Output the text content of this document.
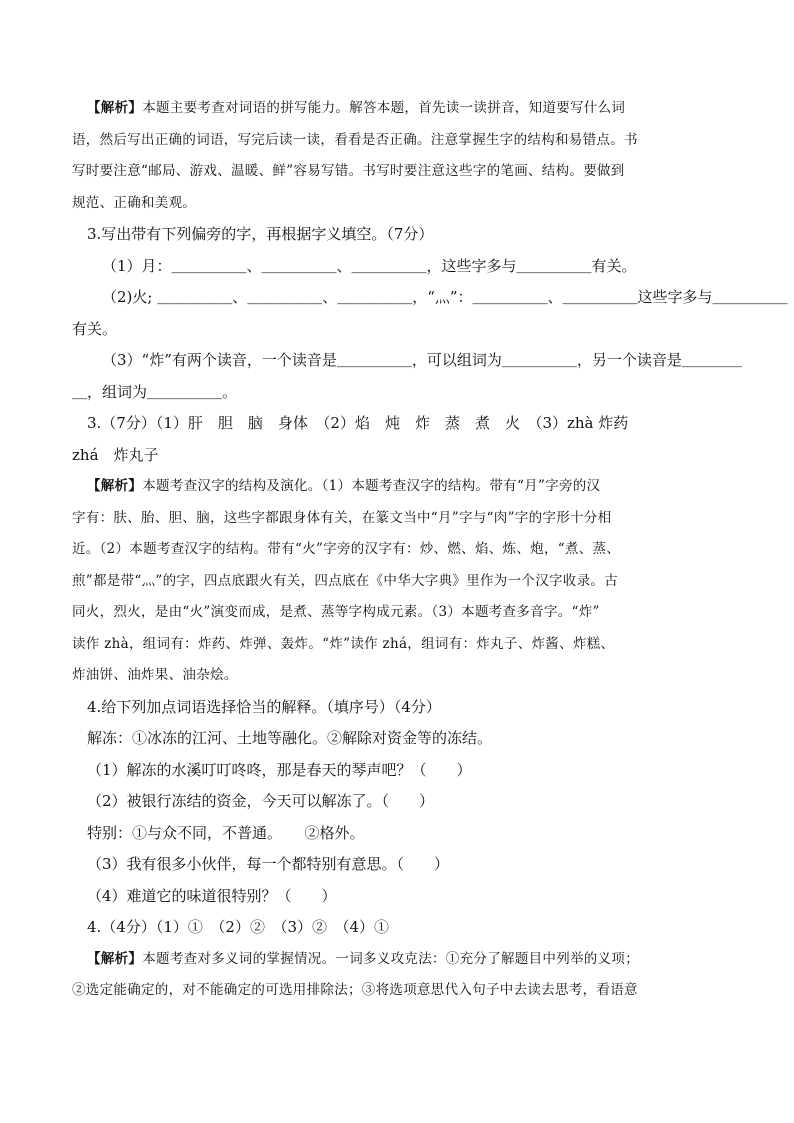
【解析】本题主要考查对词语的拼写能力。解答本题，首先读一读拼音，知道要写什么词
语，然后写出正确的词语，写完后读一读，看看是否正确。注意掌握生字的结构和易错点。书
写时要注意“邮局、游戏、温暖、鲜”容易写错。书写时要注意这些字的笔画、结构。要做到
规范、正确和美观。
3.写出带有下列偏旁的字，再根据字义填空。（7分）
（1）月：＿＿＿＿＿、＿＿＿＿＿、＿＿＿＿＿，这些字多与＿＿＿＿＿有关。
（2)火; ＿＿＿＿＿、＿＿＿＿＿、＿＿＿＿＿，“灬”：＿＿＿＿＿、＿＿＿＿＿这些字多与＿＿＿＿＿
有关。
（3）“炸”有两个读音，一个读音是＿＿＿＿＿，可以组词为＿＿＿＿＿，另一个读音是＿＿＿＿
＿，组词为＿＿＿＿＿。
3.（7分）（1）肝　胆　脑　身体　（2）焰　炖　炸　蒸　煮　火　（3）zhà 炸药
zhá　炸丸子
【解析】本题考查汉字的结构及演化。（1）本题考查汉字的结构。带有“月”字旁的汉
字有：肤、胎、胆、脑，这些字都跟身体有关，在篆文当中“月”字与“肉”字的字形十分相
近。（2）本题考查汉字的结构。带有“火”字旁的汉字有：炒、燃、焰、炼、炮，“煮、蒸、
煎”都是带“灬”的字，四点底跟火有关，四点底在《中华大字典》里作为一个汉字收录。古
同火，烈火，是由“火”演变而成，是煮、蒸等字构成元素。（3）本题考查多音字。“炸”
读作 zhà，组词有：炸药、炸弹、轰炸。“炸”读作 zhá，组词有：炸丸子、炸酱、炸糕、
炸油饼、油炸果、油杂烩。
4.给下列加点词语选择恰当的解释。（填序号）（4分）
解冻：①冰冻的江河、土地等融化。②解除对资金等的冻结。
（1）解冻的水溪叮叮咚咚，那是春天的琴声吧？（　　）
（2）被银行冻结的资金，今天可以解冻了。（　　）
特别：①与众不同，不普通。　　②格外。
（3）我有很多小伙伴，每一个都特别有意思。（　　）
（4）难道它的味道很特别？（　　）
4.（4分）（1）①　（2）②　（3）②　（4）①
【解析】本题考查对多义词的掌握情况。一词多义攻克法：①充分了解题目中列举的义项；
②选定能确定的，对不能确定的可选用排除法；③将选项意思代入句子中去读去思考，看语意
